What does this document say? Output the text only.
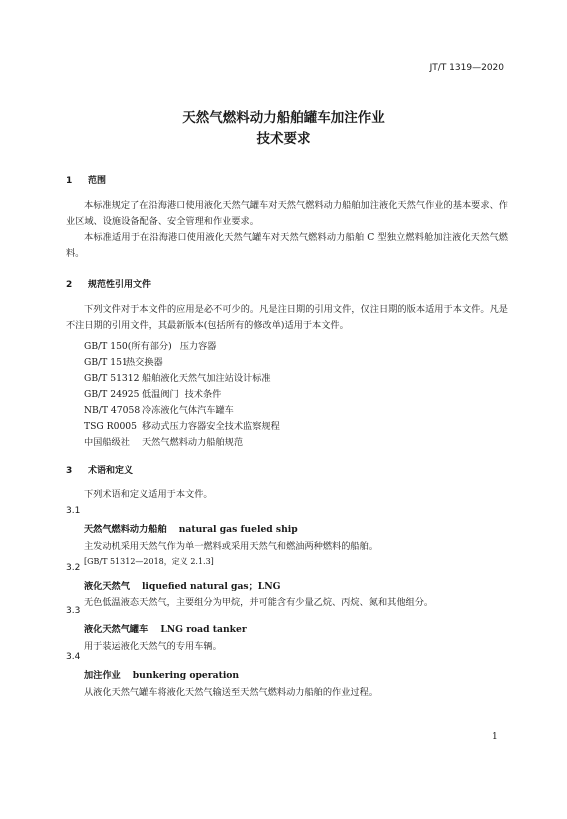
JT/T 1319—2020
天然气燃料动力船舶罐车加注作业
技术要求
1 范围
本标准规定了在沿海港口使用液化天然气罐车对天然气燃料动力船舶加注液化天然气作业的基本要求、作业区域、设施设备配备、安全管理和作业要求。
本标准适用于在沿海港口使用液化天然气罐车对天然气燃料动力船舶 C 型独立燃料舱加注液化天然气燃料。
2 规范性引用文件
下列文件对于本文件的应用是必不可少的。凡是注日期的引用文件，仅注日期的版本适用于本文件。凡是不注日期的引用文件，其最新版本(包括所有的修改单)适用于本文件。
GB/T 150(所有部分) 压力容器
GB/T 151热交换器
GB/T 51312 船舶液化天然气加注站设计标准
GB/T 24925 低温阀门  技术条件
NB/T 47058 冷冻液化气体汽车罐车
TSG R0005 移动式压力容器安全技术监察规程
中国船级社 天然气燃料动力船舶规范
3 术语和定义
下列术语和定义适用于本文件。
3.1
天然气燃料动力船舶 natural gas fueled ship
主发动机采用天然气作为单一燃料或采用天然气和燃油两种燃料的船舶。
[GB/T 51312—2018，定义 2.1.3]
3.2
液化天然气 liquefied natural gas；LNG
无色低温液态天然气，主要组分为甲烷，并可能含有少量乙烷、丙烷、氮和其他组分。
3.3
液化天然气罐车 LNG road tanker
用于装运液化天然气的专用车辆。
3.4
加注作业 bunkering operation
从液化天然气罐车将液化天然气输送至天然气燃料动力船舶的作业过程。
1
